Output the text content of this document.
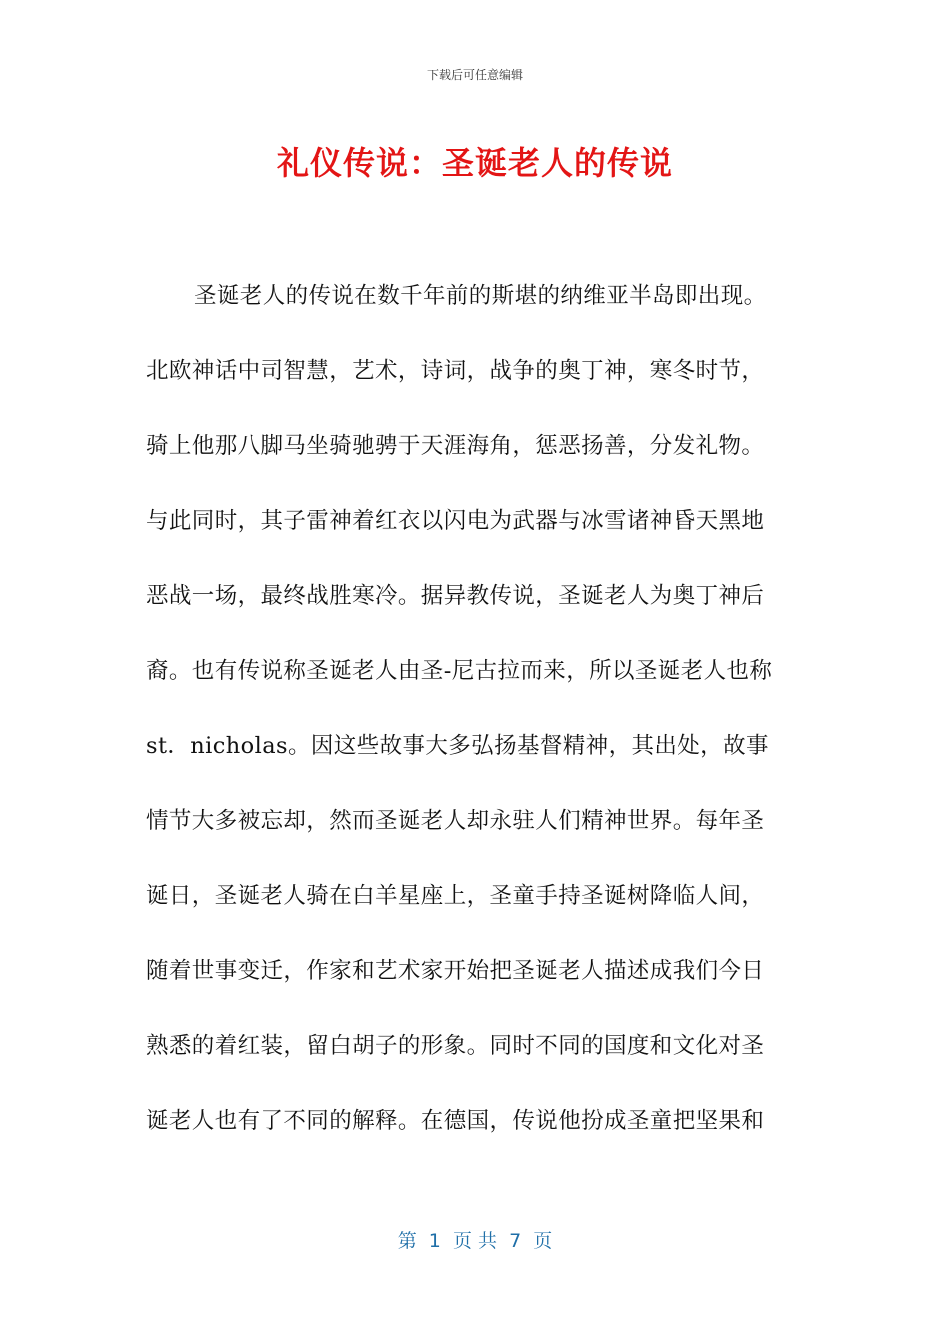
下载后可任意编辑
礼仪传说：圣诞老人的传说
圣诞老人的传说在数千年前的斯堪的纳维亚半岛即出现。
北欧神话中司智慧，艺术，诗词，战争的奥丁神，寒冬时节，
骑上他那八脚马坐骑驰骋于天涯海角，惩恶扬善，分发礼物。
与此同时，其子雷神着红衣以闪电为武器与冰雪诸神昏天黑地
恶战一场，最终战胜寒冷。据异教传说，圣诞老人为奥丁神后
裔。也有传说称圣诞老人由圣-尼古拉而来，所以圣诞老人也称
st．nicholas。因这些故事大多弘扬基督精神，其出处，故事
情节大多被忘却，然而圣诞老人却永驻人们精神世界。每年圣
诞日，圣诞老人骑在白羊星座上，圣童手持圣诞树降临人间，
随着世事变迁，作家和艺术家开始把圣诞老人描述成我们今日
熟悉的着红装，留白胡子的形象。同时不同的国度和文化对圣
诞老人也有了不同的解释。在德国，传说他扮成圣童把坚果和
第  1  页 共  7  页
